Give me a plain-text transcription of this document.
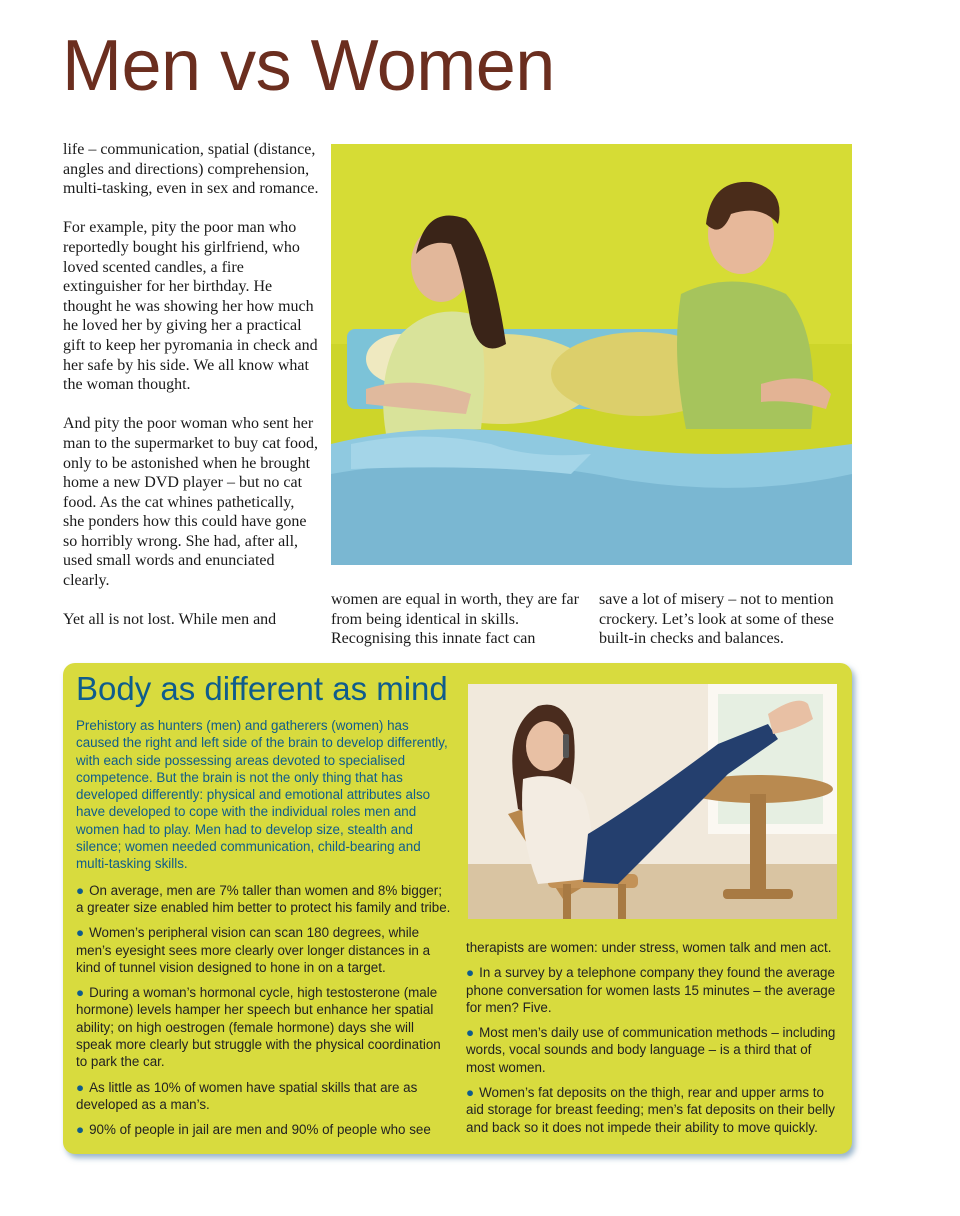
Men vs Women

life – communication, spatial (distance, angles and directions) comprehension, multi-tasking, even in sex and romance.

For example, pity the poor man who reportedly bought his girlfriend, who loved scented candles, a fire extinguisher for her birthday. He thought he was showing her how much he loved her by giving her a practical gift to keep her pyromania in check and her safe by his side. We all know what the woman thought.

And pity the poor woman who sent her man to the supermarket to buy cat food, only to be astonished when he brought home a new DVD player – but no cat food. As the cat whines pathetically, she ponders how this could have gone so horribly wrong. She had, after all, used small words and enunciated clearly.

Yet all is not lost. While men and

women are equal in worth, they are far from being identical in skills. Recognising this innate fact can

save a lot of misery – not to mention crockery. Let’s look at some of these built-in checks and balances.

Body as different as mind

Prehistory as hunters (men) and gatherers (women) has caused the right and left side of the brain to develop differently, with each side possessing areas devoted to specialised competence. But the brain is not the only thing that has developed differently: physical and emotional attributes also have developed to cope with the individual roles men and women had to play. Men had to develop size, stealth and silence; women needed communication, child-bearing and multi-tasking skills.

● On average, men are 7% taller than women and 8% bigger; a greater size enabled him better to protect his family and tribe.

● Women’s peripheral vision can scan 180 degrees, while men’s eyesight sees more clearly over longer distances in a kind of tunnel vision designed to hone in on a target.

● During a woman’s hormonal cycle, high testosterone (male hormone) levels hamper her speech but enhance her spatial ability; on high oestrogen (female hormone) days she will speak more clearly but struggle with the physical coordination to park the car.

● As little as 10% of women have spatial skills that are as developed as a man’s.

● 90% of people in jail are men and 90% of people who see

therapists are women: under stress, women talk and men act.

● In a survey by a telephone company they found the average phone conversation for women lasts 15 minutes – the average for men? Five.

● Most men’s daily use of communication methods – including words, vocal sounds and body language – is a third that of most women.

● Women’s fat deposits on the thigh, rear and upper arms to aid storage for breast feeding; men’s fat deposits on their belly and back so it does not impede their ability to move quickly.
